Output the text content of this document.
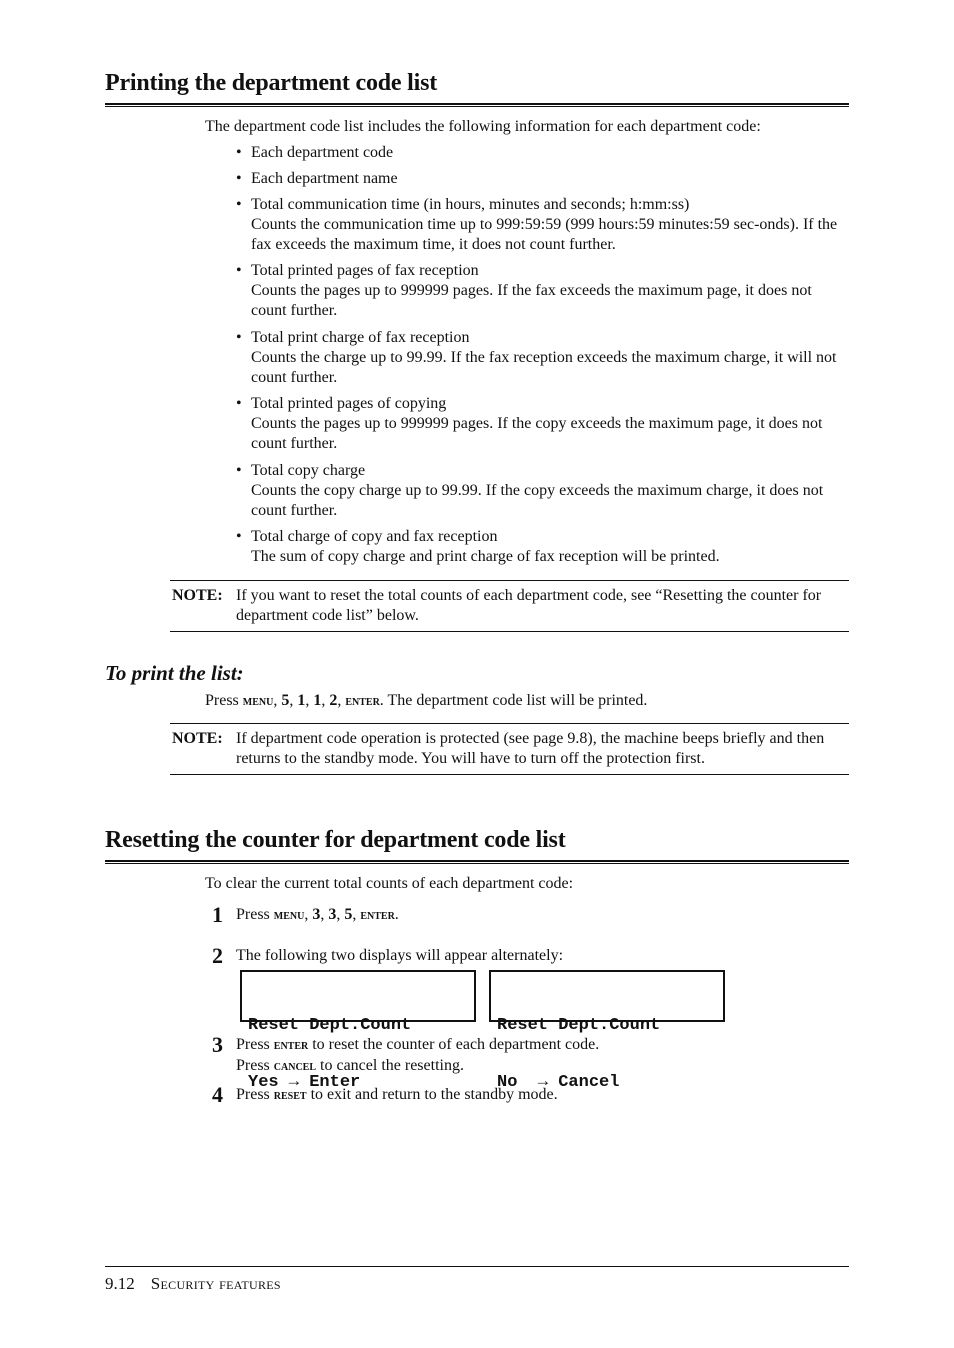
Printing the department code list
The department code list includes the following information for each department code:
• Each department code
• Each department name
• Total communication time (in hours, minutes and seconds; h:mm:ss)
Counts the communication time up to 999:59:59 (999 hours:59 minutes:59 sec-onds). If the fax exceeds the maximum time, it does not count further.
• Total printed pages of fax reception
Counts the pages up to 999999 pages. If the fax exceeds the maximum page, it does not count further.
• Total print charge of fax reception
Counts the charge up to 99.99. If the fax reception exceeds the maximum charge, it will not count further.
• Total printed pages of copying
Counts the pages up to 999999 pages. If the copy exceeds the maximum page, it does not count further.
• Total copy charge
Counts the copy charge up to 99.99. If the copy exceeds the maximum charge, it does not count further.
• Total charge of copy and fax reception
The sum of copy charge and print charge of fax reception will be printed.
NOTE: If you want to reset the total counts of each department code, see “Resetting the counter for department code list” below.
To print the list:
Press menu, 5, 1, 1, 2, enter. The department code list will be printed.
NOTE: If department code operation is protected (see page 9.8), the machine beeps briefly and then returns to the standby mode. You will have to turn off the protection first.
Resetting the counter for department code list
To clear the current total counts of each department code:
1 Press menu, 3, 3, 5, enter.
2 The following two displays will appear alternately:

Reset Dept.Count

Yes → Enter

Reset Dept.Count

No  → Cancel

3 Press enter to reset the counter of each department code.
Press cancel to cancel the resetting.
4 Press reset to exit and return to the standby mode.
9.12 Security features
